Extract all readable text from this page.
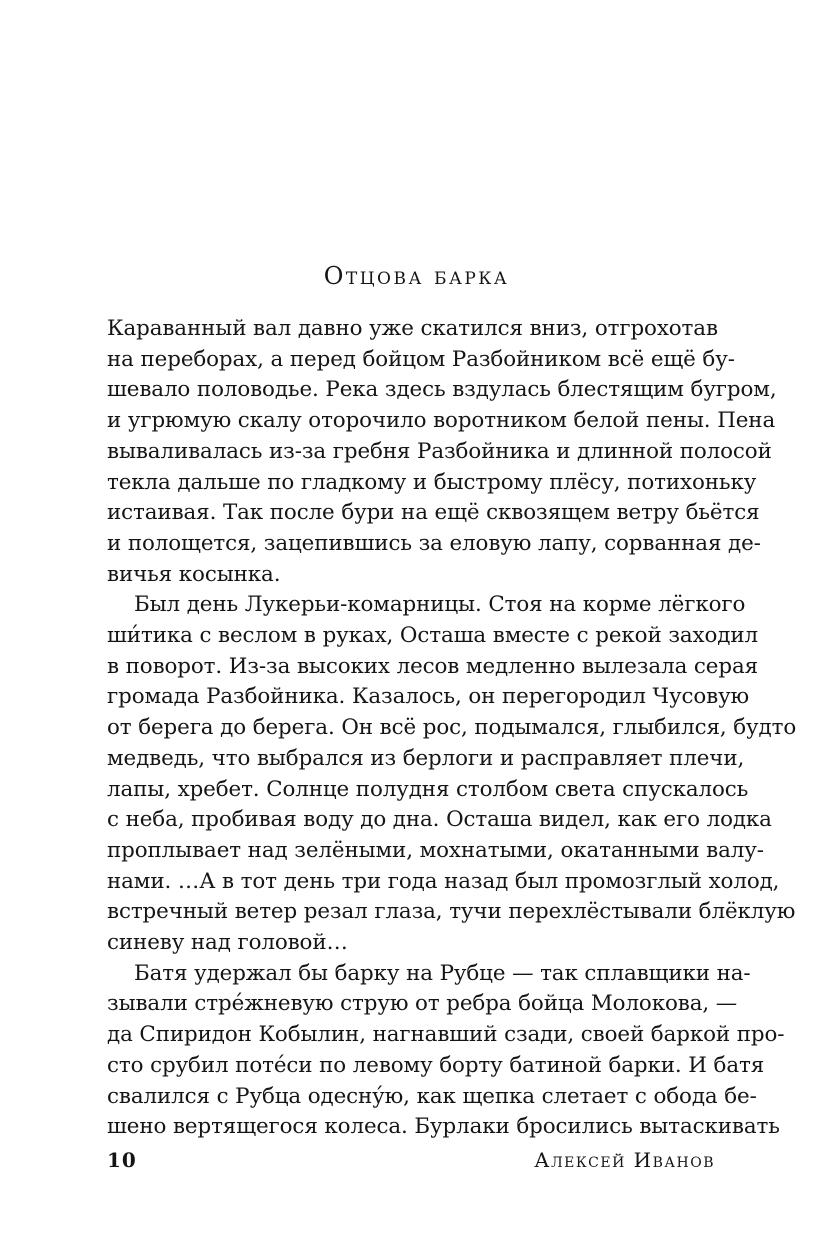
Отцова барка

Караванный вал давно уже скатился вниз, отгрохотав
на переборах, а перед бойцом Разбойником всё ещё бу-
шевало половодье. Река здесь вздулась блестящим бугром,
и угрюмую скалу оторочило воротником белой пены. Пена
вываливалась из-за гребня Разбойника и длинной полосой
текла дальше по гладкому и быстрому плёсу, потихоньку
истаивая. Так после бури на ещё сквозящем ветру бьётся
и полощется, зацепившись за еловую лапу, сорванная де-
вичья косынка.

Был день Лукерьи-комарницы. Стоя на корме лёгкого
ши́тика с веслом в руках, Осташа вместе с рекой заходил
в поворот. Из-за высоких лесов медленно вылезала серая
громада Разбойника. Казалось, он перегородил Чусовую
от берега до берега. Он всё рос, подымался, глыбился, будто
медведь, что выбрался из берлоги и расправляет плечи,
лапы, хребет. Солнце полудня столбом света спускалось
с неба, пробивая воду до дна. Осташа видел, как его лодка
проплывает над зелёными, мохнатыми, окатанными валу-
нами. …А в тот день три года назад был промозглый холод,
встречный ветер резал глаза, тучи перехлёстывали блёклую
синеву над головой…

Батя удержал бы барку на Рубце — так сплавщики на-
зывали стре́жневую струю от ребра бойца Молокова, —
да Спиридон Кобылин, нагнавший сзади, своей баркой про-
сто срубил поте́си по левому борту батиной барки. И батя
свалился с Рубца одесну́ю, как щепка слетает с обода бе-
шено вертящегося колеса. Бурлаки бросились вытаскивать

10	Алексей Иванов
